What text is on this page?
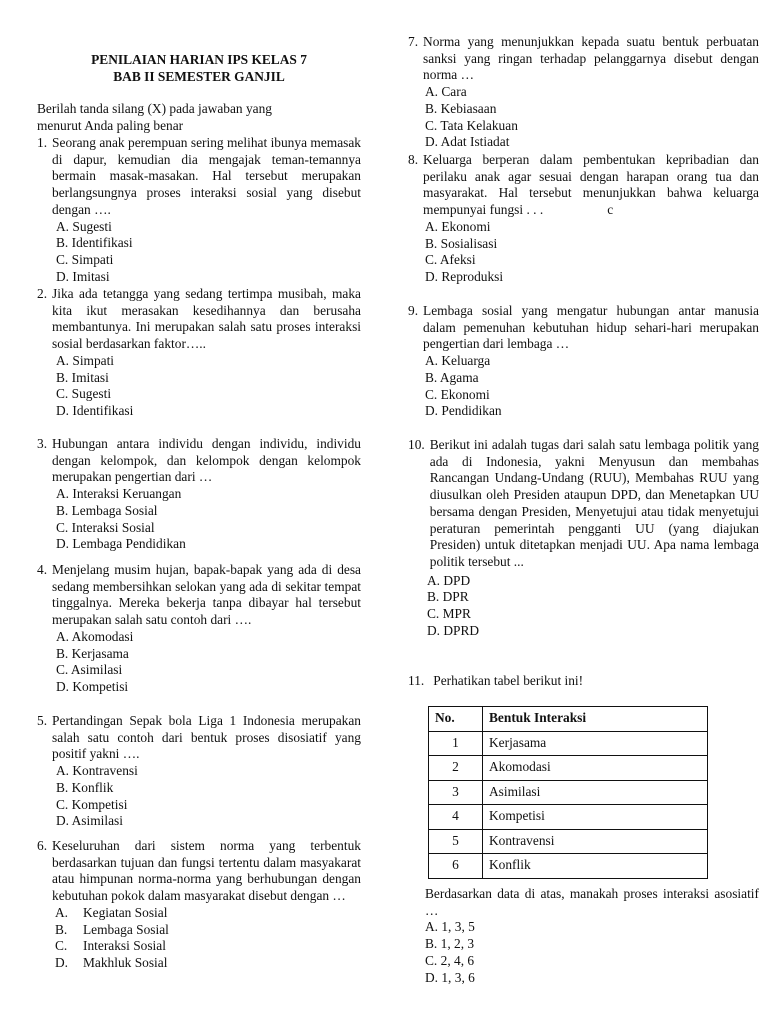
PENILAIAN HARIAN IPS KELAS 7

BAB II SEMESTER GANJIL

Berilah tanda silang (X) pada jawaban yang
menurut Anda paling benar
1. Seorang anak perempuan sering melihat ibunya memasak di dapur, kemudian dia mengajak teman-temannya bermain masak-masakan. Hal tersebut merupakan berlangsungnya proses interaksi sosial yang disebut dengan ….
A. Sugesti
B. Identifikasi
C. Simpati
D. Imitasi
2. Jika ada tetangga yang sedang tertimpa musibah, maka kita ikut merasakan kesedihannya dan berusaha membantunya. Ini merupakan salah satu proses interaksi sosial berdasarkan faktor…..
A. Simpati
B. Imitasi
C. Sugesti
D. Identifikasi
3. Hubungan antara individu dengan individu, individu dengan kelompok, dan kelompok dengan kelompok merupakan pengertian dari …
A. Interaksi Keruangan
B. Lembaga Sosial
C. Interaksi Sosial
D. Lembaga Pendidikan
4. Menjelang musim hujan, bapak-bapak yang ada di desa sedang membersihkan selokan yang ada di sekitar tempat tinggalnya. Mereka bekerja tanpa dibayar hal tersebut merupakan salah satu contoh dari ….
A. Akomodasi
B. Kerjasama
C. Asimilasi
D. Kompetisi
5. Pertandingan Sepak bola Liga 1 Indonesia merupakan salah satu contoh dari bentuk proses disosiatif yang positif yakni ….
A. Kontravensi
B. Konflik
C. Kompetisi
D. Asimilasi
6. Keseluruhan dari sistem norma yang terbentuk berdasarkan tujuan dan fungsi tertentu dalam masyakarat atau himpunan norma-norma yang berhubungan dengan kebutuhan pokok dalam masyarakat disebut dengan …
A. Kegiatan Sosial
B. Lembaga Sosial
C. Interaksi Sosial
D. Makhluk Sosial
7. Norma yang menunjukkan kepada suatu bentuk perbuatan sanksi yang ringan terhadap pelanggarnya disebut dengan norma …
A. Cara
B. Kebiasaan
C. Tata Kelakuan
D. Adat Istiadat
8. Keluarga berperan dalam pembentukan kepribadian dan perilaku anak agar sesuai dengan harapan orang tua dan masyarakat. Hal tersebut menunjukkan bahwa keluarga mempunyai fungsi . . .	c
A. Ekonomi
B. Sosialisasi
C. Afeksi
D. Reproduksi
9. Lembaga sosial yang mengatur hubungan antar manusia dalam pemenuhan kebutuhan hidup sehari-hari merupakan pengertian dari lembaga …
A. Keluarga
B. Agama
C. Ekonomi
D. Pendidikan
10. Berikut ini adalah tugas dari salah satu lembaga politik yang ada di Indonesia, yakni Menyusun dan membahas Rancangan Undang-Undang (RUU), Membahas RUU yang diusulkan oleh Presiden ataupun DPD, dan Menetapkan UU bersama dengan Presiden, Menyetujui atau tidak menyetujui peraturan pemerintah pengganti UU (yang diajukan Presiden) untuk ditetapkan menjadi UU. Apa nama lembaga politik tersebut ...
A. DPD
B. DPR
C. MPR
D. DPRD
11. Perhatikan tabel berikut ini!
No.	Bentuk Interaksi
1	Kerjasama
2	Akomodasi
3	Asimilasi
4	Kompetisi
5	Kontravensi
6	Konflik
Berdasarkan data di atas, manakah proses interaksi asosiatif …
A. 1, 3, 5
B. 1, 2, 3
C. 2, 4, 6
D. 1, 3, 6
